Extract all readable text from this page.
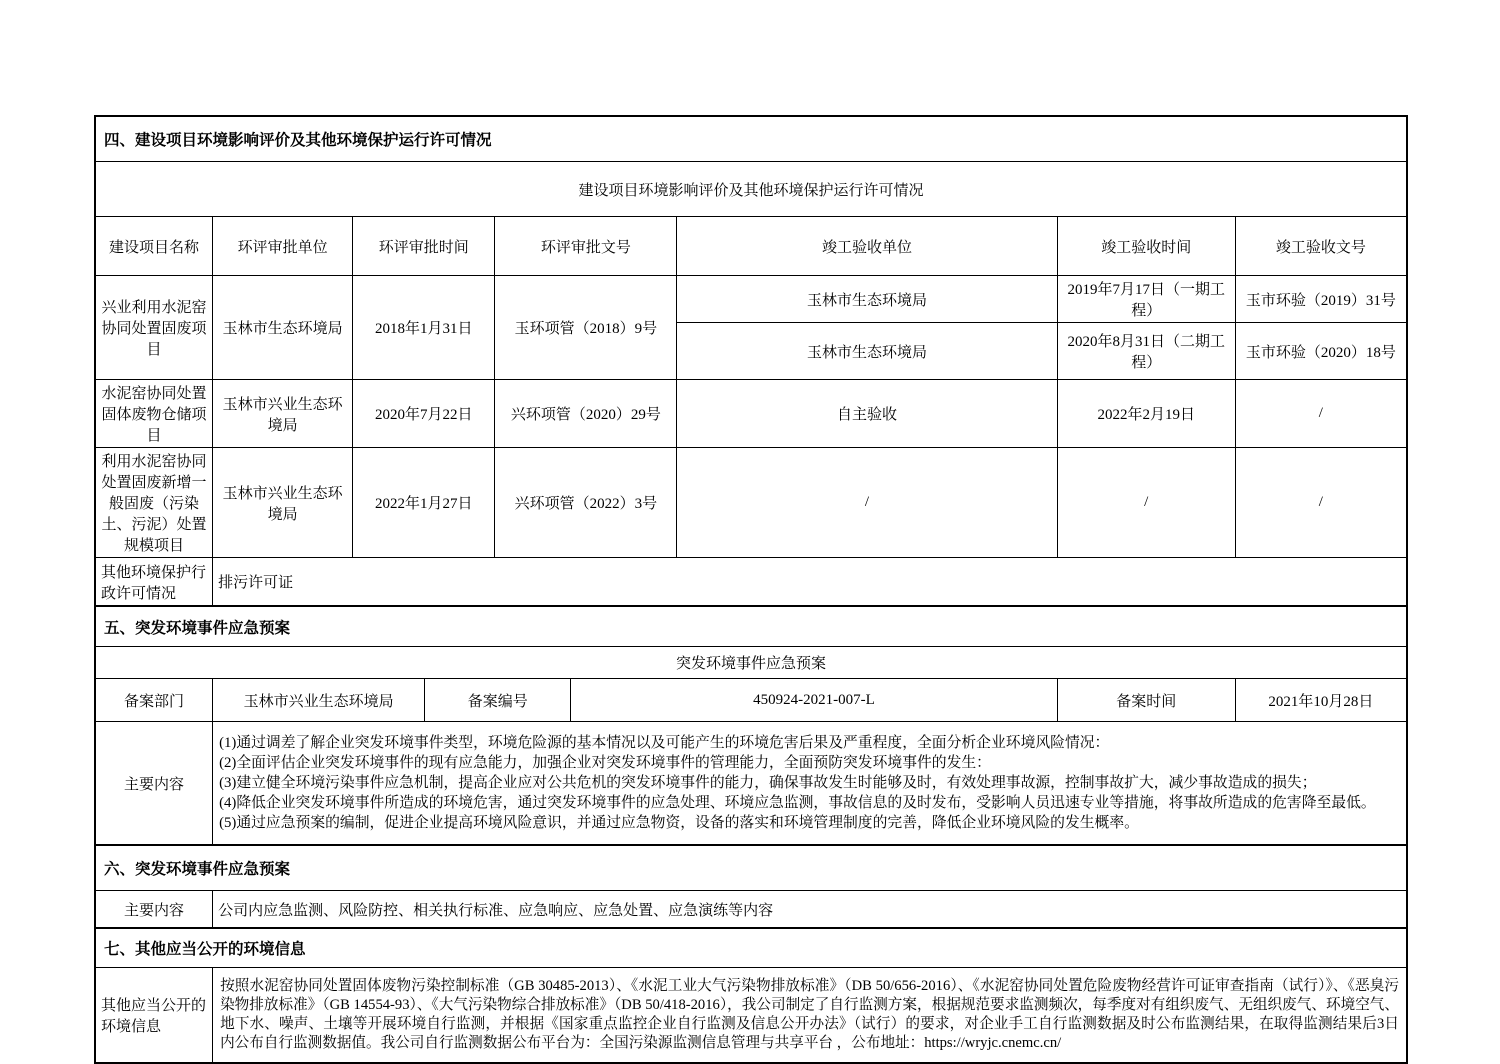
四、建设项目环境影响评价及其他环境保护运行许可情况						
建设项目环境影响评价及其他环境保护运行许可情况						
建设项目名称	环评审批单位	环评审批时间	环评审批文号	竣工验收单位	竣工验收时间	竣工验收文号
兴业利用水泥窑协同处置固废项目	玉林市生态环境局	2018年1月31日	玉环项管（2018）9号	玉林市生态环境局	2019年7月17日（一期工程）	玉市环验（2019）31号
				玉林市生态环境局	2020年8月31日（二期工程）	玉市环验（2020）18号
水泥窑协同处置固体废物仓储项目	玉林市兴业生态环境局	2020年7月22日	兴环项管（2020）29号	自主验收	2022年2月19日	/
利用水泥窑协同处置固废新增一般固废（污染土、污泥）处置规模项目	玉林市兴业生态环境局	2022年1月27日	兴环项管（2022）3号	/	/	/
其他环境保护行政许可情况	排污许可证					
五、突发环境事件应急预案					
突发环境事件应急预案					
备案部门	玉林市兴业生态环境局	备案编号	450924-2021-007-L	备案时间	2021年10月28日
主要内容	(1)通过调差了解企业突发环境事件类型，环境危险源的基本情况以及可能产生的环境危害后果及严重程度，全面分析企业环境风险情况：
(2)全面评估企业突发环境事件的现有应急能力，加强企业对突发环境事件的管理能力，全面预防突发环境事件的发生：
(3)建立健全环境污染事件应急机制，提高企业应对公共危机的突发环境事件的能力，确保事故发生时能够及时，有效处理事故源，控制事故扩大，减少事故造成的损失；
(4)降低企业突发环境事件所造成的环境危害，通过突发环境事件的应急处理、环境应急监测，事故信息的及时发布，受影响人员迅速专业等措施，将事故所造成的危害降至最低。
(5)通过应急预案的编制，促进企业提高环境风险意识，并通过应急物资，设备的落实和环境管理制度的完善，降低企业环境风险的发生概率。				
六、突发环境事件应急预案
主要内容	公司内应急监测、风险防控、相关执行标准、应急响应、应急处置、应急演练等内容
七、其他应当公开的环境信息
其他应当公开的环境信息	按照水泥窑协同处置固体废物污染控制标准（GB 30485-2013）、《水泥工业大气污染物排放标准》（DB 50/656-2016）、《水泥窑协同处置危险废物经营许可证审查指南（试行）》、《恶臭污染物排放标准》（GB 14554-93）、《大气污染物综合排放标准》（DB 50/418-2016），我公司制定了自行监测方案，根据规范要求监测频次，每季度对有组织废气、无组织废气、环境空气、地下水、噪声、土壤等开展环境自行监测，并根据《国家重点监控企业自行监测及信息公开办法》（试行）的要求，对企业手工自行监测数据及时公布监测结果，在取得监测结果后3日内公布自行监测数据值。我公司自行监测数据公布平台为：全国污染源监测信息管理与共享平台 ，公布地址：https://wryjc.cnemc.cn/
